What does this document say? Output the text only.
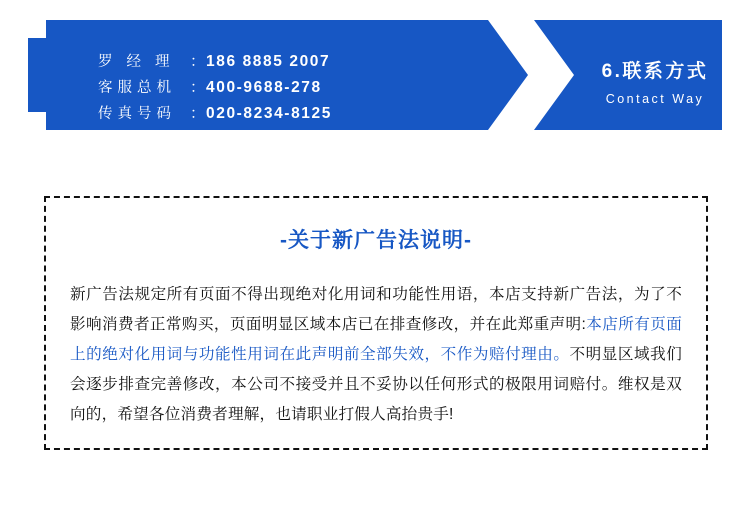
罗 经 理	： 186 8885 2007
客服总机 ： 400-9688-278
传真号码 ： 020-8234-8125
6.联系方式
Contact Way
-关于新广告法说明-
新广告法规定所有页面不得出现绝对化用词和功能性用语，本店支持新广告法，为了不影响消费者正常购买，页面明显区域本店已在排查修改，并在此郑重声明:本店所有页面上的绝对化用词与功能性用词在此声明前全部失效，不作为赔付理由。不明显区域我们会逐步排查完善修改，本公司不接受并且不妥协以任何形式的极限用词赔付。维权是双向的，希望各位消费者理解，也请职业打假人高抬贵手!
